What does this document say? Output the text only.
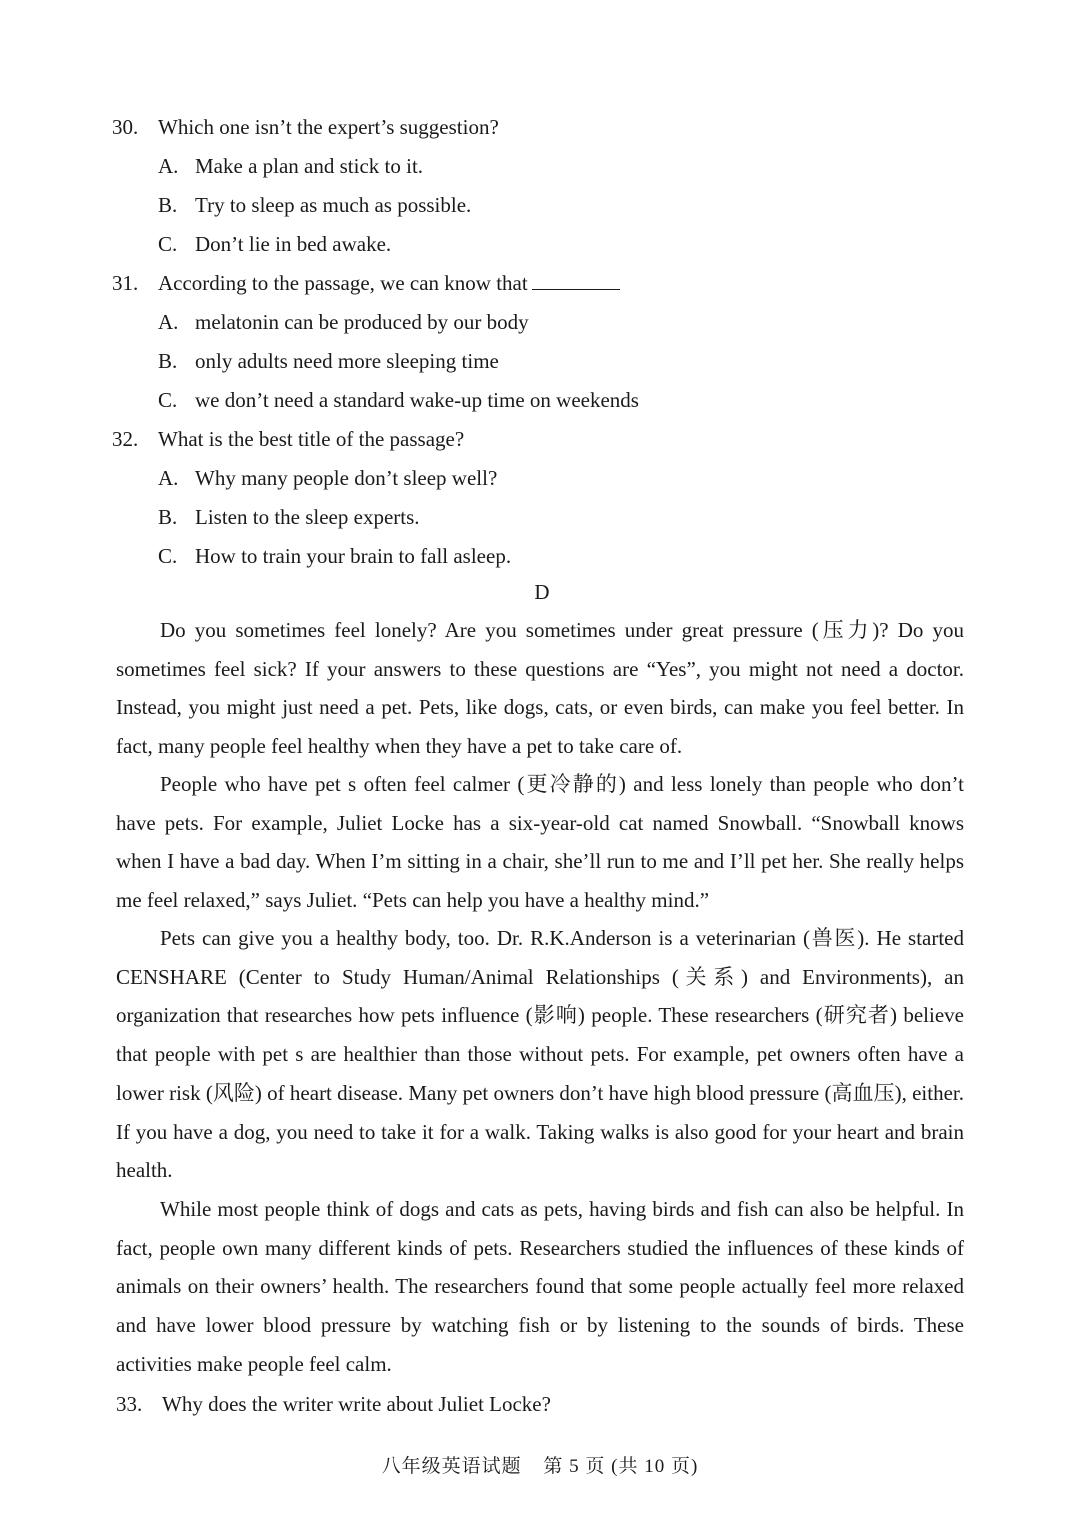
30. Which one isn’t the expert’s suggestion?
A. Make a plan and stick to it.
B. Try to sleep as much as possible.
C. Don’t lie in bed awake.
31. According to the passage, we can know that
A. melatonin can be produced by our body
B. only adults need more sleeping time
C. we don’t need a standard wake-up time on weekends
32. What is the best title of the passage?
A. Why many people don’t sleep well?
B. Listen to the sleep experts.
C. How to train your brain to fall asleep.
D

Do you sometimes feel lonely? Are you sometimes under great pressure (压力)? Do you sometimes feel sick? If your answers to these questions are “Yes”, you might not need a doctor. Instead, you might just need a pet. Pets, like dogs, cats, or even birds, can make you feel better. In fact, many people feel healthy when they have a pet to take care of.

People who have pet s often feel calmer (更冷静的) and less lonely than people who don’t have pets. For example, Juliet Locke has a six-year-old cat named Snowball. “Snowball knows when I have a bad day. When I’m sitting in a chair, she’ll run to me and I’ll pet her. She really helps me feel relaxed,” says Juliet. “Pets can help you have a healthy mind.”

Pets can give you a healthy body, too. Dr. R.K.Anderson is a veterinarian (兽医). He started CENSHARE (Center to Study Human/Animal Relationships (关系) and Environments), an organization that researches how pets influence (影响) people. These researchers (研究者) believe that people with pet s are healthier than those without pets. For example, pet owners often have a lower risk (风险) of heart disease. Many pet owners don’t have high blood pressure (高血压), either. If you have a dog, you need to take it for a walk. Taking walks is also good for your heart and brain health.

While most people think of dogs and cats as pets, having birds and fish can also be helpful. In fact, people own many different kinds of pets. Researchers studied the influences of these kinds of animals on their owners’ health. The researchers found that some people actually feel more relaxed and have lower blood pressure by watching fish or by listening to the sounds of birds. These activities make people feel calm.

33. Why does the writer write about Juliet Locke?
八年级英语试题 第 5 页 (共 10 页)
